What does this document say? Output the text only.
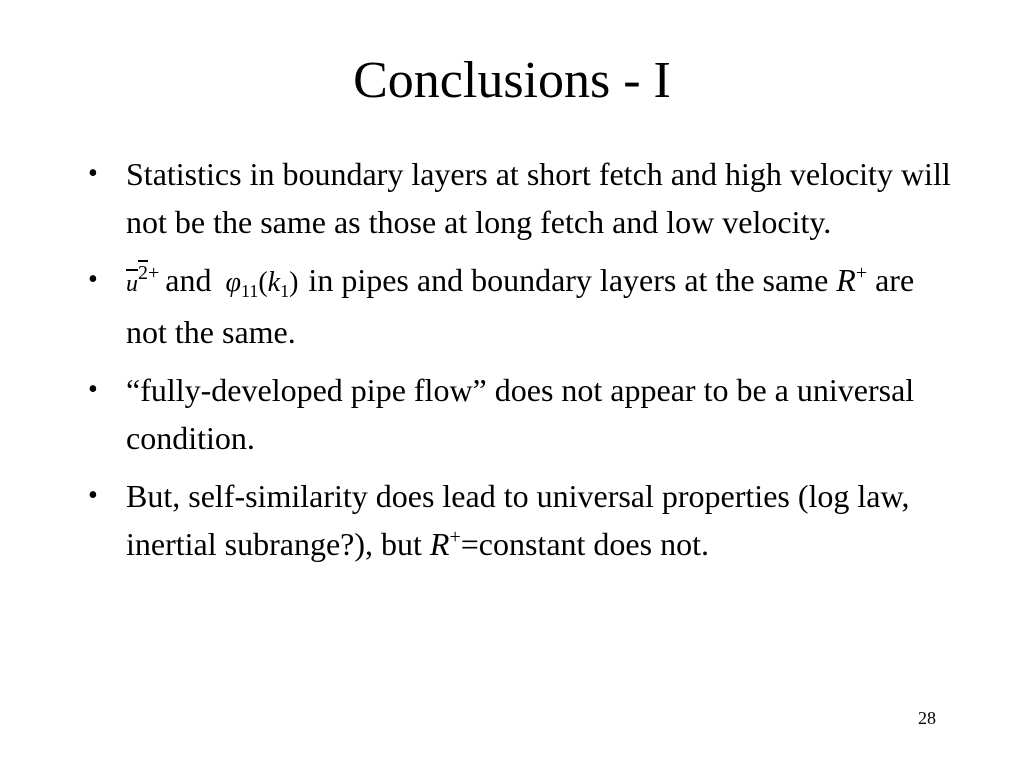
Conclusions - I
• Statistics in boundary layers at short fetch and high velocity will not be the same as those at long fetch and low velocity.
• $u^{2+}$ and $\varphi_{11}(k_1)$ in pipes and boundary layers at the same R+ are not the same.
• “fully-developed pipe flow” does not appear to be a universal condition.
• But, self-similarity does lead to universal properties (log law, inertial subrange?), but R+=constant does not.
28
